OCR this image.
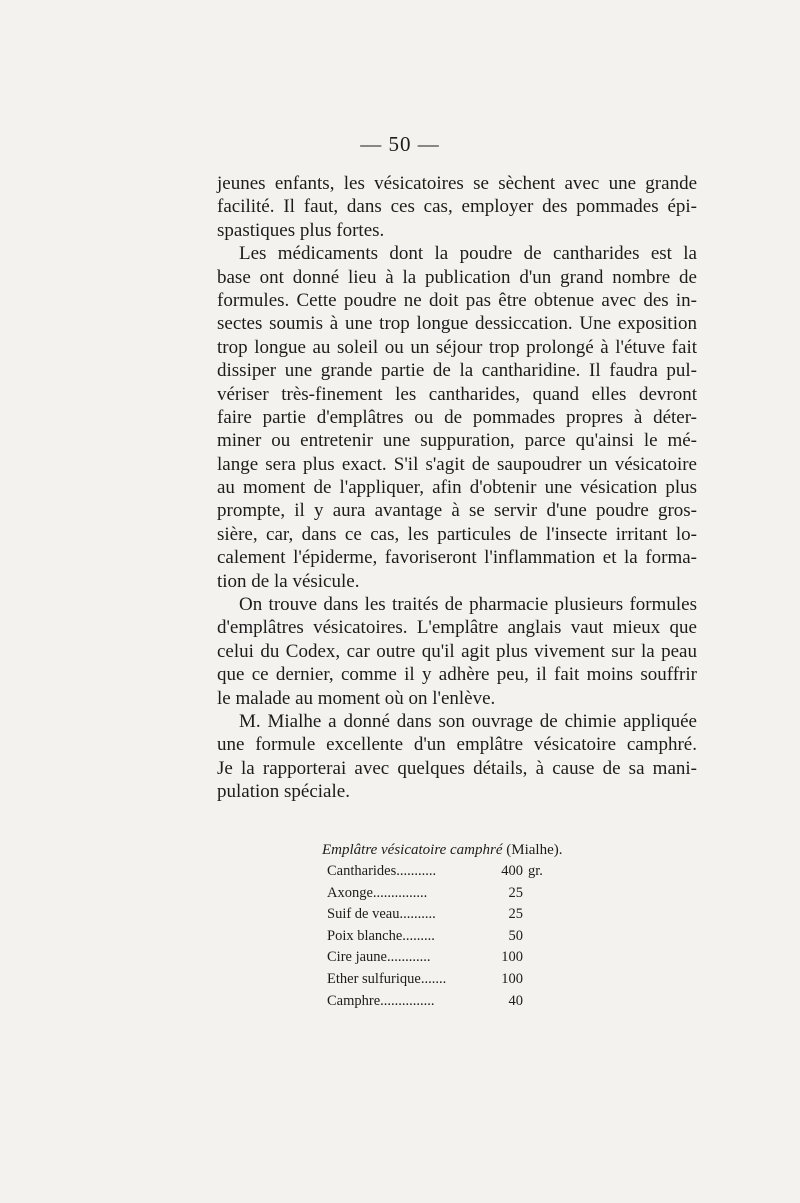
— 50 —
jeunes enfants, les vésicatoires se sèchent avec une grande
facilité. Il faut, dans ces cas, employer des pommades épi-
spastiques plus fortes.
Les médicaments dont la poudre de cantharides est la
base ont donné lieu à la publication d'un grand nombre de
formules. Cette poudre ne doit pas être obtenue avec des in-
sectes soumis à une trop longue dessiccation. Une exposition
trop longue au soleil ou un séjour trop prolongé à l'étuve fait
dissiper une grande partie de la cantharidine. Il faudra pul-
vériser très-finement les cantharides, quand elles devront
faire partie d'emplâtres ou de pommades propres à déter-
miner ou entretenir une suppuration, parce qu'ainsi le mé-
lange sera plus exact. S'il s'agit de saupoudrer un vésicatoire
au moment de l'appliquer, afin d'obtenir une vésication plus
prompte, il y aura avantage à se servir d'une poudre gros-
sière, car, dans ce cas, les particules de l'insecte irritant lo-
calement l'épiderme, favoriseront l'inflammation et la forma-
tion de la vésicule.
On trouve dans les traités de pharmacie plusieurs formules
d'emplâtres vésicatoires. L'emplâtre anglais vaut mieux que
celui du Codex, car outre qu'il agit plus vivement sur la peau
que ce dernier, comme il y adhère peu, il fait moins souffrir
le malade au moment où on l'enlève.
M. Mialhe a donné dans son ouvrage de chimie appliquée
une formule excellente d'un emplâtre vésicatoire camphré.
Je la rapporterai avec quelques détails, à cause de sa mani-
pulation spéciale.
Emplâtre vésicatoire camphré (Mialhe).
Cantharides...........	400 gr.
Axonge...............	25
Suif de veau..........	25
Poix blanche.........	50
Cire jaune............	100
Ether sulfurique.......	100
Camphre...............	40
